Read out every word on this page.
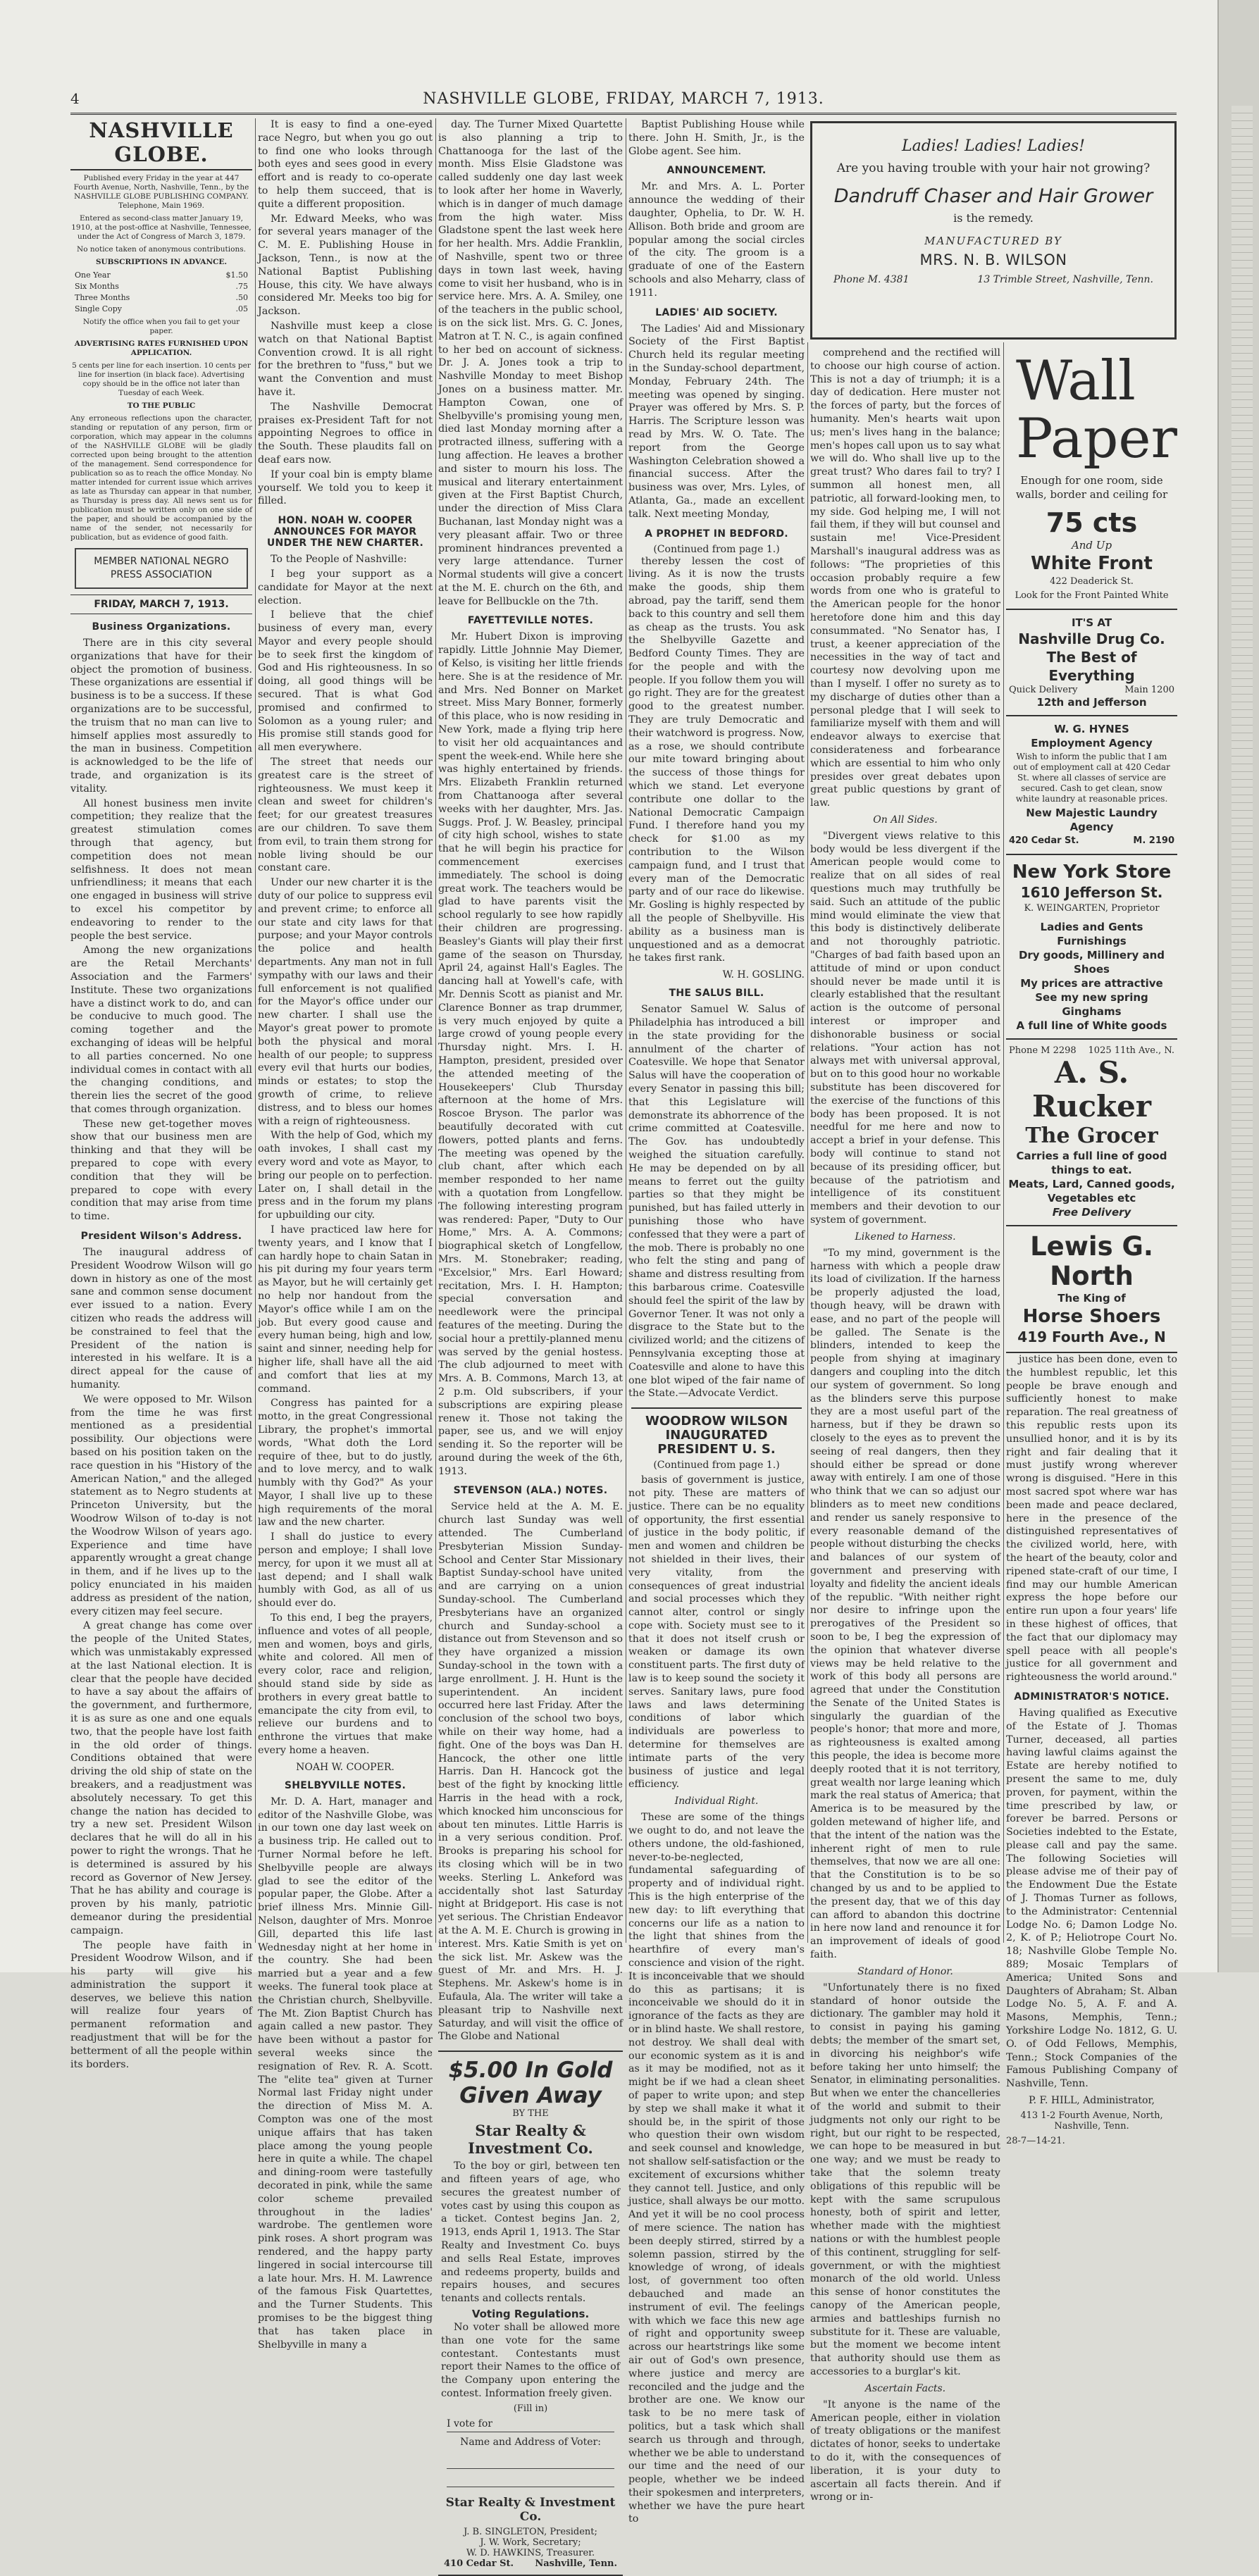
4	NASHVILLE GLOBE, FRIDAY, MARCH 7, 1913.
NASHVILLE GLOBE.
Published every Friday in the year at 447 Fourth Avenue, North, Nashville, Tenn., by the NASHVILLE GLOBE PUBLISHING COMPANY. Telephone, Main 1969.
Entered as second-class matter January 19, 1910, at the post-office at Nashville, Tennessee, under the Act of Congress of March 3, 1879.
No notice taken of anonymous contributions.
SUBSCRIPTIONS IN ADVANCE.
One Year	$1.50
Six Months	.75
Three Months	.50
Single Copy	.05
Notify the office when you fail to get your paper.
ADVERTISING RATES FURNISHED UPON APPLICATION.
5 cents per line for each insertion. 10 cents per line for insertion (in black face). Advertising copy should be in the office not later than Tuesday of each Week.
TO THE PUBLIC
Any erroneous reflections upon the character, standing or reputation of any person, firm or corporation, which may appear in the columns of the NASHVILLE GLOBE will be gladly corrected upon being brought to the attention of the management. Send correspondence for publication so as to reach the office Monday. No matter intended for current issue which arrives as late as Thursday can appear in that number, as Thursday is press day. All news sent us for publication must be written only on one side of the paper, and should be accompanied by the name of the sender, not necessarily for publication, but as evidence of good faith.
MEMBER NATIONAL NEGRO PRESS ASSOCIATION
FRIDAY, MARCH 7, 1913.
Business Organizations.

There are in this city several organizations that have for their object the promotion of business. These organizations are essential if business is to be a success. If these organizations are to be successful, the truism that no man can live to himself applies most assuredly to the man in business. Competition is acknowledged to be the life of trade, and organization is its vitality.

All honest business men invite competition; they realize that the greatest stimulation comes through that agency, but competition does not mean selfishness. It does not mean unfriendliness; it means that each one engaged in business will strive to excel his competitor by endeavoring to render to the people the best service.

Among the new organizations are the Retail Merchants' Association and the Farmers' Institute. These two organizations have a distinct work to do, and can be conducive to much good. The coming together and the exchanging of ideas will be helpful to all parties concerned. No one individual comes in contact with all the changing conditions, and therein lies the secret of the good that comes through organization.

These new get-together moves show that our business men are thinking and that they will be prepared to cope with every condition that they will be prepared to cope with every condition that may arise from time to time.

President Wilson's Address.

The inaugural address of President Woodrow Wilson will go down in history as one of the most sane and common sense document ever issued to a nation. Every citizen who reads the address will be constrained to feel that the President of the nation is interested in his welfare. It is a direct appeal for the cause of humanity.

We were opposed to Mr. Wilson from the time he was first mentioned as a presidential possibility. Our objections were based on his position taken on the race question in his "History of the American Nation," and the alleged statement as to Negro students at Princeton University, but the Woodrow Wilson of to-day is not the Woodrow Wilson of years ago. Experience and time have apparently wrought a great change in them, and if he lives up to the policy enunciated in his maiden address as president of the nation, every citizen may feel secure.

A great change has come over the people of the United States, which was unmistakably expressed at the last National election. It is clear that the people have decided to have a say about the affairs of the government, and furthermore, it is as sure as one and one equals two, that the people have lost faith in the old order of things. Conditions obtained that were driving the old ship of state on the breakers, and a readjustment was absolutely necessary. To get this change the nation has decided to try a new set. President Wilson declares that he will do all in his power to right the wrongs. That he is determined is assured by his record as Governor of New Jersey. That he has ability and courage is proven by his manly, patriotic demeanor during the presidential campaign.

The people have faith in President Woodrow Wilson, and if his party will give his administration the support it deserves, we believe this nation will realize four years of permanent reformation and readjustment that will be for the betterment of all the people within its borders.

It is easy to find a one-eyed race Negro, but when you go out to find one who looks through both eyes and sees good in every effort and is ready to co-operate to help them succeed, that is quite a different proposition.

Mr. Edward Meeks, who was for several years manager of the C. M. E. Publishing House in Jackson, Tenn., is now at the National Baptist Publishing House, this city. We have always considered Mr. Meeks too big for Jackson.

Nashville must keep a close watch on that National Baptist Convention crowd. It is all right for the brethren to "fuss," but we want the Convention and must have it.

The Nashville Democrat praises ex-President Taft for not appointing Negroes to office in the South. These plaudits fall on deaf ears now.

If your coal bin is empty blame yourself. We told you to keep it filled.

HON. NOAH W. COOPER ANNOUNCES FOR MAYOR UNDER THE NEW CHARTER.

To the People of Nashville:

I beg your support as a candidate for Mayor at the next election.

I believe that the chief business of every man, every Mayor and every people should be to seek first the kingdom of God and His righteousness. In so doing, all good things will be secured. That is what God promised and confirmed to Solomon as a young ruler; and His promise still stands good for all men everywhere.

The street that needs our greatest care is the street of righteousness. We must keep it clean and sweet for children's feet; for our greatest treasures are our children. To save them from evil, to train them strong for noble living should be our constant care.

Under our new charter it is the duty of our police to suppress evil and prevent crime; to enforce all our state and city laws for that purpose; and your Mayor controls the police and health departments. Any man not in full sympathy with our laws and their full enforcement is not qualified for the Mayor's office under our new charter. I shall use the Mayor's great power to promote both the physical and moral health of our people; to suppress every evil that hurts our bodies, minds or estates; to stop the growth of crime, to relieve distress, and to bless our homes with a reign of righteousness.

With the help of God, which my oath invokes, I shall cast my every word and vote as Mayor, to bring our people on to perfection. Later on, I shall detail in the press and in the forum my plans for upbuilding our city.

I have practiced law here for twenty years, and I know that I can hardly hope to chain Satan in his pit during my four years term as Mayor, but he will certainly get no help nor handout from the Mayor's office while I am on the job. But every good cause and every human being, high and low, saint and sinner, needing help for higher life, shall have all the aid and comfort that lies at my command.

Congress has painted for a motto, in the great Congressional Library, the prophet's immortal words, "What doth the Lord require of thee, but to do justly, and to love mercy, and to walk humbly with thy God?" As your Mayor, I shall live up to these high requirements of the moral law and the new charter.

I shall do justice to every person and employe; I shall love mercy, for upon it we must all at last depend; and I shall walk humbly with God, as all of us should ever do.

To this end, I beg the prayers, influence and votes of all people, men and women, boys and girls, white and colored. All men of every color, race and religion, should stand side by side as brothers in every great battle to emancipate the city from evil, to relieve our burdens and to enthrone the virtues that make every home a heaven.

NOAH W. COOPER.
SHELBYVILLE NOTES.

Mr. D. A. Hart, manager and editor of the Nashville Globe, was in our town one day last week on a business trip. He called out to Turner Normal before he left. Shelbyville people are always glad to see the editor of the popular paper, the Globe. After a brief illness Mrs. Minnie Gill-Nelson, daughter of Mrs. Monroe Gill, departed this life last Wednesday night at her home in the country. She had been married but a year and a few weeks. The funeral took place at the Christian church, Shelbyville. The Mt. Zion Baptist Church has again called a new pastor. They have been without a pastor for several weeks since the resignation of Rev. R. A. Scott. The "elite tea" given at Turner Normal last Friday night under the direction of Miss M. A. Compton was one of the most unique affairs that has taken place among the young people here in quite a while. The chapel and dining-room were tastefully decorated in pink, while the same color scheme prevailed throughout in the ladies' wardrobe. The gentlemen wore pink roses. A short program was rendered, and the happy party lingered in social intercourse till a late hour. Mrs. H. M. Lawrence of the famous Fisk Quartettes, and the Turner Students. This promises to be the biggest thing that has taken place in Shelbyville in many a

day. The Turner Mixed Quartette is also planning a trip to Chattanooga for the last of the month. Miss Elsie Gladstone was called suddenly one day last week to look after her home in Waverly, which is in danger of much damage from the high water. Miss Gladstone spent the last week here for her health. Mrs. Addie Franklin, of Nashville, spent two or three days in town last week, having come to visit her husband, who is in service here. Mrs. A. A. Smiley, one of the teachers in the public school, is on the sick list. Mrs. G. C. Jones, Matron at T. N. C., is again confined to her bed on account of sickness. Dr. J. A. Jones took a trip to Nashville Monday to meet Bishop Jones on a business matter. Mr. Hampton Cowan, one of Shelbyville's promising young men, died last Monday morning after a protracted illness, suffering with a lung affection. He leaves a brother and sister to mourn his loss. The musical and literary entertainment given at the First Baptist Church, under the direction of Miss Clara Buchanan, last Monday night was a very pleasant affair. Two or three prominent hindrances prevented a very large attendance. Turner Normal students will give a concert at the M. E. church on the 6th, and leave for Bellbuckle on the 7th.

FAYETTEVILLE NOTES.

Mr. Hubert Dixon is improving rapidly. Little Johnnie May Diemer, of Kelso, is visiting her little friends here. She is at the residence of Mr. and Mrs. Ned Bonner on Market street. Miss Mary Bonner, formerly of this place, who is now residing in New York, made a flying trip here to visit her old acquaintances and spent the week-end. While here she was highly entertained by friends. Mrs. Elizabeth Franklin returned from Chattanooga after several weeks with her daughter, Mrs. Jas. Suggs. Prof. J. W. Beasley, principal of city high school, wishes to state that he will begin his practice for commencement exercises immediately. The school is doing great work. The teachers would be glad to have parents visit the school regularly to see how rapidly their children are progressing. Beasley's Giants will play their first game of the season on Thursday, April 24, against Hall's Eagles. The dancing hall at Yowell's cafe, with Mr. Dennis Scott as pianist and Mr. Clarence Bonner as trap drummer, is very much enjoyed by quite a large crowd of young people every Thursday night. Mrs. I. H. Hampton, president, presided over the attended meeting of the Housekeepers' Club Thursday afternoon at the home of Mrs. Roscoe Bryson. The parlor was beautifully decorated with cut flowers, potted plants and ferns. The meeting was opened by the club chant, after which each member responded to her name with a quotation from Longfellow. The following interesting program was rendered: Paper, "Duty to Our Home," Mrs. A. A. Commons; biographical sketch of Longfellow, Mrs. M. Stonebraker; reading, "Excelsior," Mrs. Earl Howard; recitation, Mrs. I. H. Hampton; special conversation and needlework were the principal features of the meeting. During the social hour a prettily-planned menu was served by the genial hostess. The club adjourned to meet with Mrs. A. B. Commons, March 13, at 2 p.m. Old subscribers, if your subscriptions are expiring please renew it. Those not taking the paper, see us, and we will enjoy sending it. So the reporter will be around during the week of the 6th, 1913.

STEVENSON (ALA.) NOTES.

Service held at the A. M. E. church last Sunday was well attended. The Cumberland Presbyterian Mission Sunday-School and Center Star Missionary Baptist Sunday-school have united and are carrying on a union Sunday-school. The Cumberland Presbyterians have an organized church and Sunday-school a distance out from Stevenson and so they have organized a mission Sunday-school in the town with a large enrollment. J. H. Hunt is the superintendent. An incident occurred here last Friday. After the conclusion of the school two boys, while on their way home, had a fight. One of the boys was Dan H. Hancock, the other one little Harris. Dan H. Hancock got the best of the fight by knocking little Harris in the head with a rock, which knocked him unconscious for about ten minutes. Little Harris is in a very serious condition. Prof. Brooks is preparing his school for its closing which will be in two weeks. Sterling L. Ankeford was accidentally shot last Saturday night at Bridgeport. His case is not yet serious. The Christian Endeavor at the A. M. E. Church is growing in interest. Mrs. Katie Smith is yet on the sick list. Mr. Askew was the guest of Mr. and Mrs. H. J. Stephens. Mr. Askew's home is in Eufaula, Ala. The writer will take a pleasant trip to Nashville next Saturday, and will visit the office of The Globe and National

$5.00 In Gold Given Away
BY THE
Star Realty & Investment Co.

To the boy or girl, between ten and fifteen years of age, who secures the greatest number of votes cast by using this coupon as a ticket. Contest begins Jan. 2, 1913, ends April 1, 1913. The Star Realty and Investment Co. buys and sells Real Estate, improves and redeems property, builds and repairs houses, and secures tenants and collects rentals.

Voting Regulations.

No voter shall be allowed more than one vote for the same contestant. Contestants must report their Names to the office of the Company upon entering the contest. Information freely given.

(Fill in)
I vote for
Name and Address of Voter:
Star Realty & Investment Co.
J. B. SINGLETON, President;
J. W. Work, Secretary;
W. D. HAWKINS, Treasurer.
410 Cedar St. Nashville, Tenn.

Baptist Publishing House while there. John H. Smith, Jr., is the Globe agent. See him.

ANNOUNCEMENT.

Mr. and Mrs. A. L. Porter announce the wedding of their daughter, Ophelia, to Dr. W. H. Allison. Both bride and groom are popular among the social circles of the city. The groom is a graduate of one of the Eastern schools and also Meharry, class of 1911.

LADIES' AID SOCIETY.

The Ladies' Aid and Missionary Society of the First Baptist Church held its regular meeting in the Sunday-school department, Monday, February 24th. The meeting was opened by singing. Prayer was offered by Mrs. S. P. Harris. The Scripture lesson was read by Mrs. W. O. Tate. The report from the George Washington Celebration showed a financial success. After the business was over, Mrs. Lyles, of Atlanta, Ga., made an excellent talk. Next meeting Monday,

A PROPHET IN BEDFORD.
(Continued from page 1.)

thereby lessen the cost of living. As it is now the trusts make the goods, ship them abroad, pay the tariff, send them back to this country and sell them as cheap as the trusts. You ask the Shelbyville Gazette and Bedford County Times. They are for the people and with the people. If you follow them you will go right. They are for the greatest good to the greatest number. They are truly Democratic and their watchword is progress. Now, as a rose, we should contribute our mite toward bringing about the success of those things for which we stand. Let everyone contribute one dollar to the National Democratic Campaign Fund. I therefore hand you my check for $1.00 as my contribution to the Wilson campaign fund, and I trust that every man of the Democratic party and of our race do likewise. Mr. Gosling is highly respected by all the people of Shelbyville. His ability as a business man is unquestioned and as a democrat he takes first rank.

W. H. GOSLING.
THE SALUS BILL.

Senator Samuel W. Salus of Philadelphia has introduced a bill in the state providing for the annulment of the charter of Coatesville. We hope that Senator Salus will have the cooperation of every Senator in passing this bill; that this Legislature will demonstrate its abhorrence of the crime committed at Coatesville. The Gov. has undoubtedly weighed the situation carefully. He may be depended on by all means to ferret out the guilty parties so that they might be punished, but has failed utterly in punishing those who have confessed that they were a part of the mob. There is probably no one who felt the sting and pang of shame and distress resulting from this barbarous crime. Coatesville should feel the spirit of the law by Governor Tener. It was not only a disgrace to the State but to the civilized world; and the citizens of Pennsylvania excepting those at Coatesville and alone to have this one blot wiped of the fair name of the State.—Advocate Verdict.

WOODROW WILSON INAUGURATED PRESIDENT U. S.
(Continued from page 1.)

basis of government is justice, not pity. These are matters of justice. There can be no equality of opportunity, the first essential of justice in the body politic, if men and women and children be not shielded in their lives, their very vitality, from the consequences of great industrial and social processes which they cannot alter, control or singly cope with. Society must see to it that it does not itself crush or weaken or damage its own constituent parts. The first duty of law is to keep sound the society it serves. Sanitary laws, pure food laws and laws determining conditions of labor which individuals are powerless to determine for themselves are intimate parts of the very business of justice and legal efficiency.

Individual Right.

These are some of the things we ought to do, and not leave the others undone, the old-fashioned, never-to-be-neglected, fundamental safeguarding of property and of individual right. This is the high enterprise of the new day: to lift everything that concerns our life as a nation to the light that shines from the hearthfire of every man's conscience and vision of the right. It is inconceivable that we should do this as partisans; it is inconceivable we should do it in ignorance of the facts as they are or in blind haste. We shall restore, not destroy. We shall deal with our economic system as it is and as it may be modified, not as it might be if we had a clean sheet of paper to write upon; and step by step we shall make it what it should be, in the spirit of those who question their own wisdom and seek counsel and knowledge, not shallow self-satisfaction or the excitement of excursions whither they cannot tell. Justice, and only justice, shall always be our motto. And yet it will be no cool process of mere science. The nation has been deeply stirred, stirred by a solemn passion, stirred by the knowledge of wrong, of ideals lost, of government too often debauched and made an instrument of evil. The feelings with which we face this new age of right and opportunity sweep across our heartstrings like some air out of God's own presence, where justice and mercy are reconciled and the judge and the brother are one. We know our task to be no mere task of politics, but a task which shall search us through and through, whether we be able to understand our time and the need of our people, whether we be indeed their spokesmen and interpreters, whether we have the pure heart to

Ladies! Ladies! Ladies!
Are you having trouble with your hair not growing?
Dandruff Chaser and Hair Grower
is the remedy.
MANUFACTURED BY
MRS. N. B. WILSON
Phone M. 4381	13 Trimble Street, Nashville, Tenn.

comprehend and the rectified will to choose our high course of action. This is not a day of triumph; it is a day of dedication. Here muster not the forces of party, but the forces of humanity. Men's hearts wait upon us; men's lives hang in the balance; men's hopes call upon us to say what we will do. Who shall live up to the great trust? Who dares fail to try? I summon all honest men, all patriotic, all forward-looking men, to my side. God helping me, I will not fail them, if they will but counsel and sustain me! Vice-President Marshall's inaugural address was as follows: "The proprieties of this occasion probably require a few words from one who is grateful to the American people for the honor heretofore done him and this day consummated. "No Senator has, I trust, a keener appreciation of the necessities in the way of tact and courtesy now devolving upon me than I myself. I offer no surety as to my discharge of duties other than a personal pledge that I will seek to familiarize myself with them and will endeavor always to exercise that considerateness and forbearance which are essential to him who only presides over great debates upon great public questions by grant of law.

On All Sides.

"Divergent views relative to this body would be less divergent if the American people would come to realize that on all sides of real questions much may truthfully be said. Such an attitude of the public mind would eliminate the view that this body is distinctively deliberate and not thoroughly patriotic. "Charges of bad faith based upon an attitude of mind or upon conduct should never be made until it is clearly established that the resultant action is the outcome of personal interest or improper and dishonorable business or social relations. "Your action has not always met with universal approval, but on to this good hour no workable substitute has been discovered for the exercise of the functions of this body has been proposed. It is not needful for me here and now to accept a brief in your defense. This body will continue to stand not because of its presiding officer, but because of the patriotism and intelligence of its constituent members and their devotion to our system of government.

Likened to Harness.

"To my mind, government is the harness with which a people draw its load of civilization. If the harness be properly adjusted the load, though heavy, will be drawn with ease, and no part of the people will be galled. The Senate is the blinders, intended to keep the people from shying at imaginary dangers and coupling into the ditch our system of government. So long as the blinders serve this purpose they are a most useful part of the harness, but if they be drawn so closely to the eyes as to prevent the seeing of real dangers, then they should either be spread or done away with entirely. I am one of those who think that we can so adjust our blinders as to meet new conditions and render us sanely responsive to every reasonable demand of the people without disturbing the checks and balances of our system of government and preserving with loyalty and fidelity the ancient ideals of the republic. "With neither right nor desire to infringe upon the prerogatives of the President so soon to be, I beg the expression of the opinion that whatever diverse views may be held relative to the work of this body all persons are agreed that under the Constitution the Senate of the United States is singularly the guardian of the people's honor; that more and more, as righteousness is exalted among this people, the idea is become more deeply rooted that it is not territory, great wealth nor large leaning which mark the real status of America; that America is to be measured by the golden metewand of higher life, and that the intent of the nation was the inherent right of men to rule themselves, that now we are all one: that the Constitution is to be so changed by us and to be applied to the present day, that we of this day can afford to abandon this doctrine in here now land and renounce it for an improvement of ideals of good faith.

Standard of Honor.

"Unfortunately there is no fixed standard of honor outside the dictionary. The gambler may hold it to consist in paying his gaming debts; the member of the smart set, in divorcing his neighbor's wife before taking her unto himself; the Senator, in eliminating personalities. But when we enter the chancelleries of the world and submit to their judgments not only our right to be right, but our right to be respected, we can hope to be measured in but one way; and we must be ready to take that the solemn treaty obligations of this republic will be kept with the same scrupulous honesty, both of spirit and letter, whether made with the mightiest nations or with the humblest people of this continent, struggling for self-government, or with the mightiest monarch of the old world. Unless this sense of honor constitutes the canopy of the American people, armies and battleships furnish no substitute for it. These are valuable, but the moment we become intent that authority should use them as accessories to a burglar's kit.

Ascertain Facts.

"It anyone is the name of the American people, either in violation of treaty obligations or the manifest dictates of honor, seeks to undertake to do it, with the consequences of liberation, it is your duty to ascertain all facts therein. And if wrong or in-

Wall
Paper
Enough for one room, side walls, border and ceiling for
75 cts
And Up
White Front
422 Deaderick St.
Look for the Front Painted White
IT'S AT
Nashville Drug Co.
The Best of Everything
Quick Delivery	Main 1200
12th and Jefferson
W. G. HYNES
Employment Agency
Wish to inform the public that I am out of employment call at 420 Cedar St. where all classes of service are secured. Cash to get clean, snow white laundry at reasonable prices.
New Majestic Laundry Agency
420 Cedar St.	M. 2190
New York Store
1610 Jefferson St.
K. WEINGARTEN, Proprietor
Ladies and Gents Furnishings
Dry goods, Millinery and Shoes
My prices are attractive
See my new spring Ginghams
A full line of White goods
Phone M 2298 1025 11th Ave., N.
A. S. Rucker
The Grocer
Carries a full line of good things to eat.
Meats, Lard, Canned goods, Vegetables etc
Free Delivery
Lewis G. North
The King of
Horse Shoers
419 Fourth Ave., N

justice has been done, even to the humblest republic, let this people be brave enough and sufficiently honest to make reparation. The real greatness of this republic rests upon its unsullied honor, and it is by its right and fair dealing that it must justify wrong wherever wrong is disguised. "Here in this most sacred spot where war has been made and peace declared, here in the presence of the distinguished representatives of the civilized world, here, with the heart of the beauty, color and ripened state-craft of our time, I find may our humble American express the hope before our entire run upon a four years' life in these highest of offices, that the fact that our diplomacy may spell peace with all people's justice for all government and righteousness the world around."

ADMINISTRATOR'S NOTICE.

Having qualified as Executive of the Estate of J. Thomas Turner, deceased, all parties having lawful claims against the Estate are hereby notified to present the same to me, duly proven, for payment, within the time prescribed by law, or forever be barred. Persons or Societies indebted to the Estate, please call and pay the same. The following Societies will please advise me of their pay of the Endowment Due the Estate of J. Thomas Turner as follows, to the Administrator: Centennial Lodge No. 6; Damon Lodge No. 2, K. of P.; Heliotrope Court No. 18; Nashville Globe Temple No. 889; Mosaic Templars of America; United Sons and Daughters of Abraham; St. Alban Lodge No. 5, A. F. and A. Masons, Memphis, Tenn.; Yorkshire Lodge No. 1812, G. U. O. of Odd Fellows, Memphis, Tenn.; Stock Companies of the Famous Publishing Company of Nashville, Tenn.

P. F. HILL, Administrator,
413 1-2 Fourth Avenue, North, Nashville, Tenn.
28-7—14-21.
